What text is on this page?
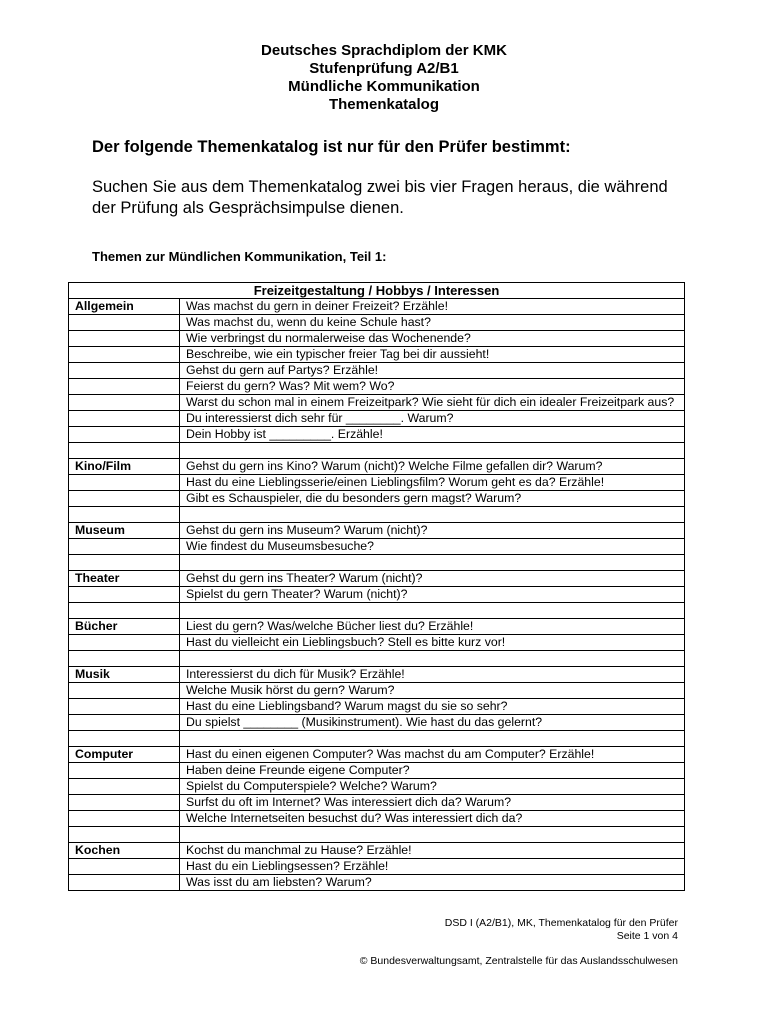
Deutsches Sprachdiplom der KMK
Stufenprüfung A2/B1
Mündliche Kommunikation
Themenkatalog
Der folgende Themenkatalog ist nur für den Prüfer bestimmt:
Suchen Sie aus dem Themenkatalog zwei bis vier Fragen heraus, die während der Prüfung als Gesprächsimpulse dienen.
Themen zur Mündlichen Kommunikation, Teil 1:
Freizeitgestaltung / Hobbys / Interessen	
Allgemein	Was machst du gern in deiner Freizeit? Erzähle!
	Was machst du, wenn du keine Schule hast?
	Wie verbringst du normalerweise das Wochenende?
	Beschreibe, wie ein typischer freier Tag bei dir aussieht!
	Gehst du gern auf Partys? Erzähle!
	Feierst du gern? Was? Mit wem? Wo?
	Warst du schon mal in einem Freizeitpark? Wie sieht für dich ein idealer Freizeitpark aus?
	Du interessierst dich sehr für ________. Warum?
	Dein Hobby ist _________. Erzähle!

Kino/Film	Gehst du gern ins Kino? Warum (nicht)? Welche Filme gefallen dir? Warum?
	Hast du eine Lieblingsserie/einen Lieblingsfilm? Worum geht es da? Erzähle!
	Gibt es Schauspieler, die du besonders gern magst? Warum?

Museum	Gehst du gern ins Museum? Warum (nicht)?
	Wie findest du Museumsbesuche?

Theater	Gehst du gern ins Theater? Warum (nicht)?
	Spielst du gern Theater? Warum (nicht)?

Bücher	Liest du gern? Was/welche Bücher liest du? Erzähle!
	Hast du vielleicht ein Lieblingsbuch? Stell es bitte kurz vor!

Musik	Interessierst du dich für Musik? Erzähle!
	Welche Musik hörst du gern? Warum?
	Hast du eine Lieblingsband? Warum magst du sie so sehr?
	Du spielst ________ (Musikinstrument). Wie hast du das gelernt?

Computer	Hast du einen eigenen Computer? Was machst du am Computer? Erzähle!
	Haben deine Freunde eigene Computer?
	Spielst du Computerspiele? Welche? Warum?
	Surfst du oft im Internet? Was interessiert dich da? Warum?
	Welche Internetseiten besuchst du? Was interessiert dich da?

Kochen	Kochst du manchmal zu Hause? Erzähle!
	Hast du ein Lieblingsessen? Erzähle!
	Was isst du am liebsten? Warum?
DSD I (A2/B1), MK, Themenkatalog für den Prüfer
Seite 1 von 4
© Bundesverwaltungsamt, Zentralstelle für das Auslandsschulwesen
